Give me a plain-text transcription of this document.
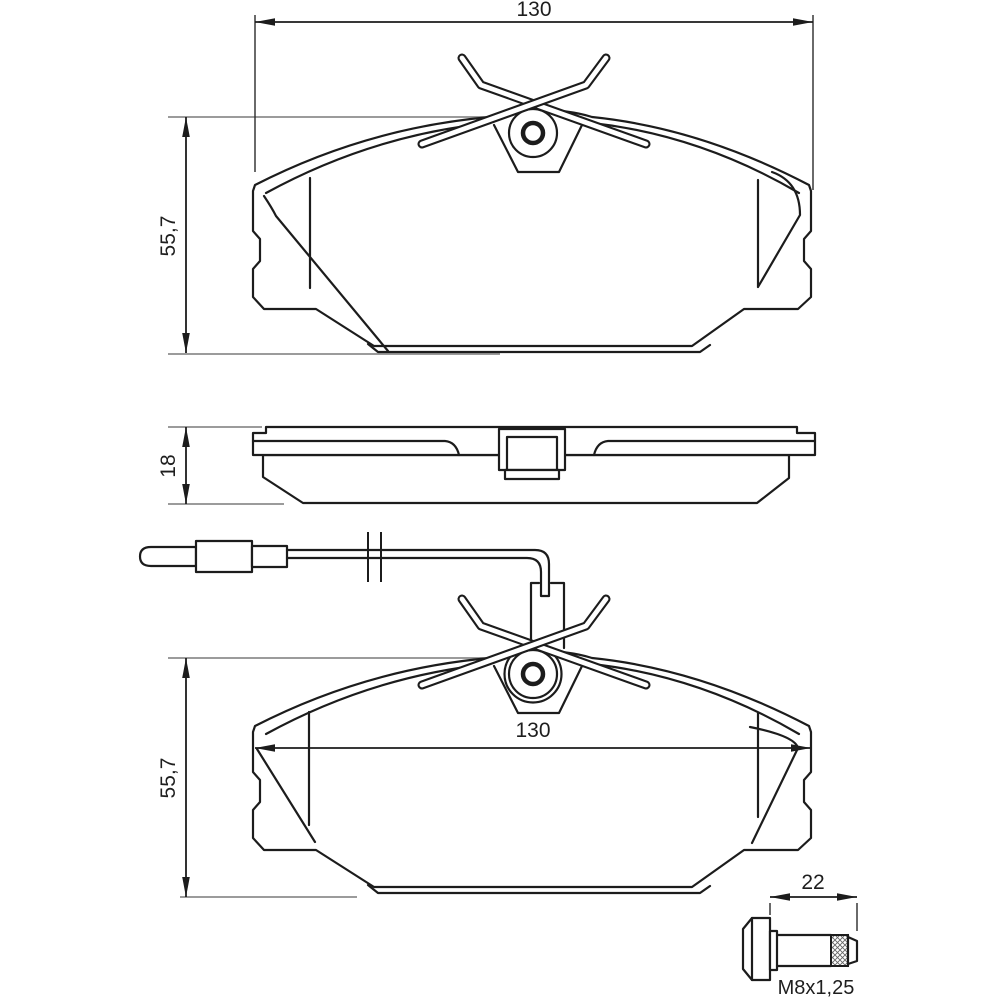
130
55,7
18
130
55,7
22
M8x1,25
